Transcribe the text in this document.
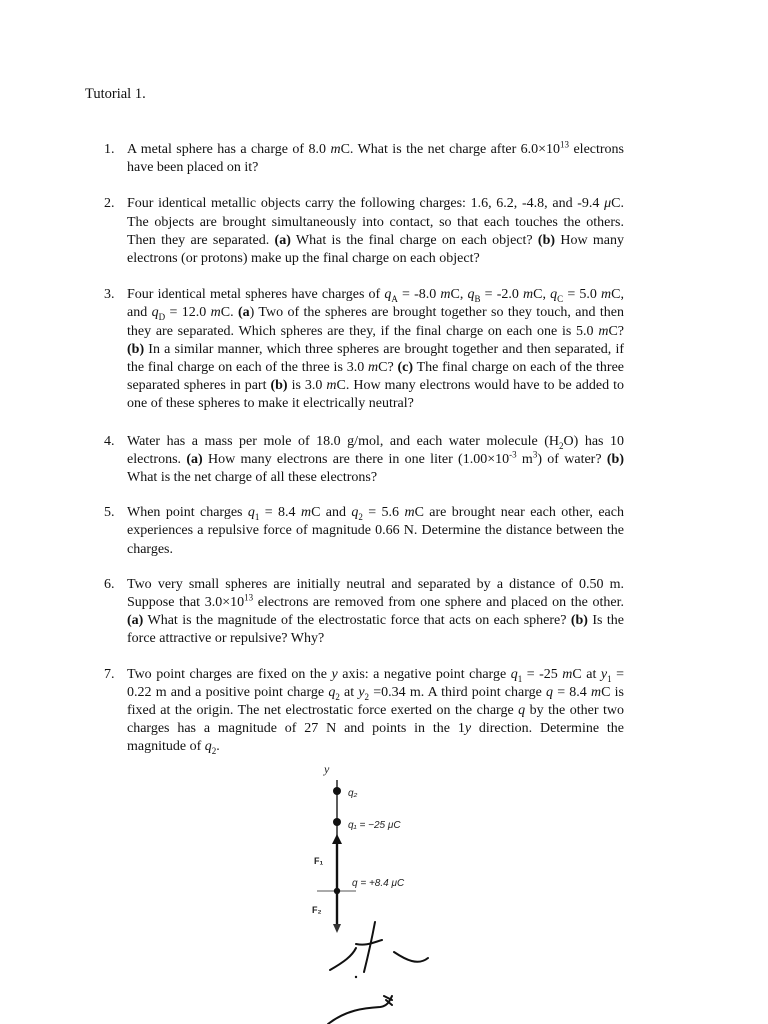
Tutorial 1.
1. A metal sphere has a charge of 8.0 mC. What is the net charge after $6.0\times 10^{13}$ electrons have been placed on it?
2. Four identical metallic objects carry the following charges: 1.6, 6.2, -4.8, and -9.4 μC. The objects are brought simultaneously into contact, so that each touches the others. Then they are separated. (a) What is the final charge on each object? (b) How many electrons (or protons) make up the final charge on each object?
3. Four identical metal spheres have charges of $q_A = -8.0$ mC, $q_B = -2.0$ mC, $q_C = 5.0$ mC, and $q_D = 12.0$ mC. (a) Two of the spheres are brought together so they touch, and then they are separated. Which spheres are they, if the final charge on each one is 5.0 mC? (b) In a similar manner, which three spheres are brought together and then separated, if the final charge on each of the three is 3.0 mC? (c) The final charge on each of the three separated spheres in part (b) is 3.0 mC. How many electrons would have to be added to one of these spheres to make it electrically neutral?
4. Water has a mass per mole of 18.0 g/mol, and each water molecule $(H_2O)$ has 10 electrons. (a) How many electrons are there in one liter ($1.00\times 10^{-3}$ $m^3$) of water? (b) What is the net charge of all these electrons?
5. When point charges $q_1 = 8.4$ mC and $q_2 = 5.6$ mC are brought near each other, each experiences a repulsive force of magnitude 0.66 N. Determine the distance between the charges.
6. Two very small spheres are initially neutral and separated by a distance of 0.50 m. Suppose that $3.0\times 10^{13}$ electrons are removed from one sphere and placed on the other. (a) What is the magnitude of the electrostatic force that acts on each sphere? (b) Is the force attractive or repulsive? Why?
7. Two point charges are fixed on the y axis: a negative point charge $q_1 = -25$ mC at $y_1 = 0.22$ m and a positive point charge $q_2$ at $y_2 =0.34$ m. A third point charge q = 8.4 mC is fixed at the origin. The net electrostatic force exerted on the charge q by the other two charges has a magnitude of 27 N and points in the 1y direction. Determine the magnitude of $q_2$.
y
q₂
q₁ = −25 μC
F₁
q = +8.4 μC
F₂
